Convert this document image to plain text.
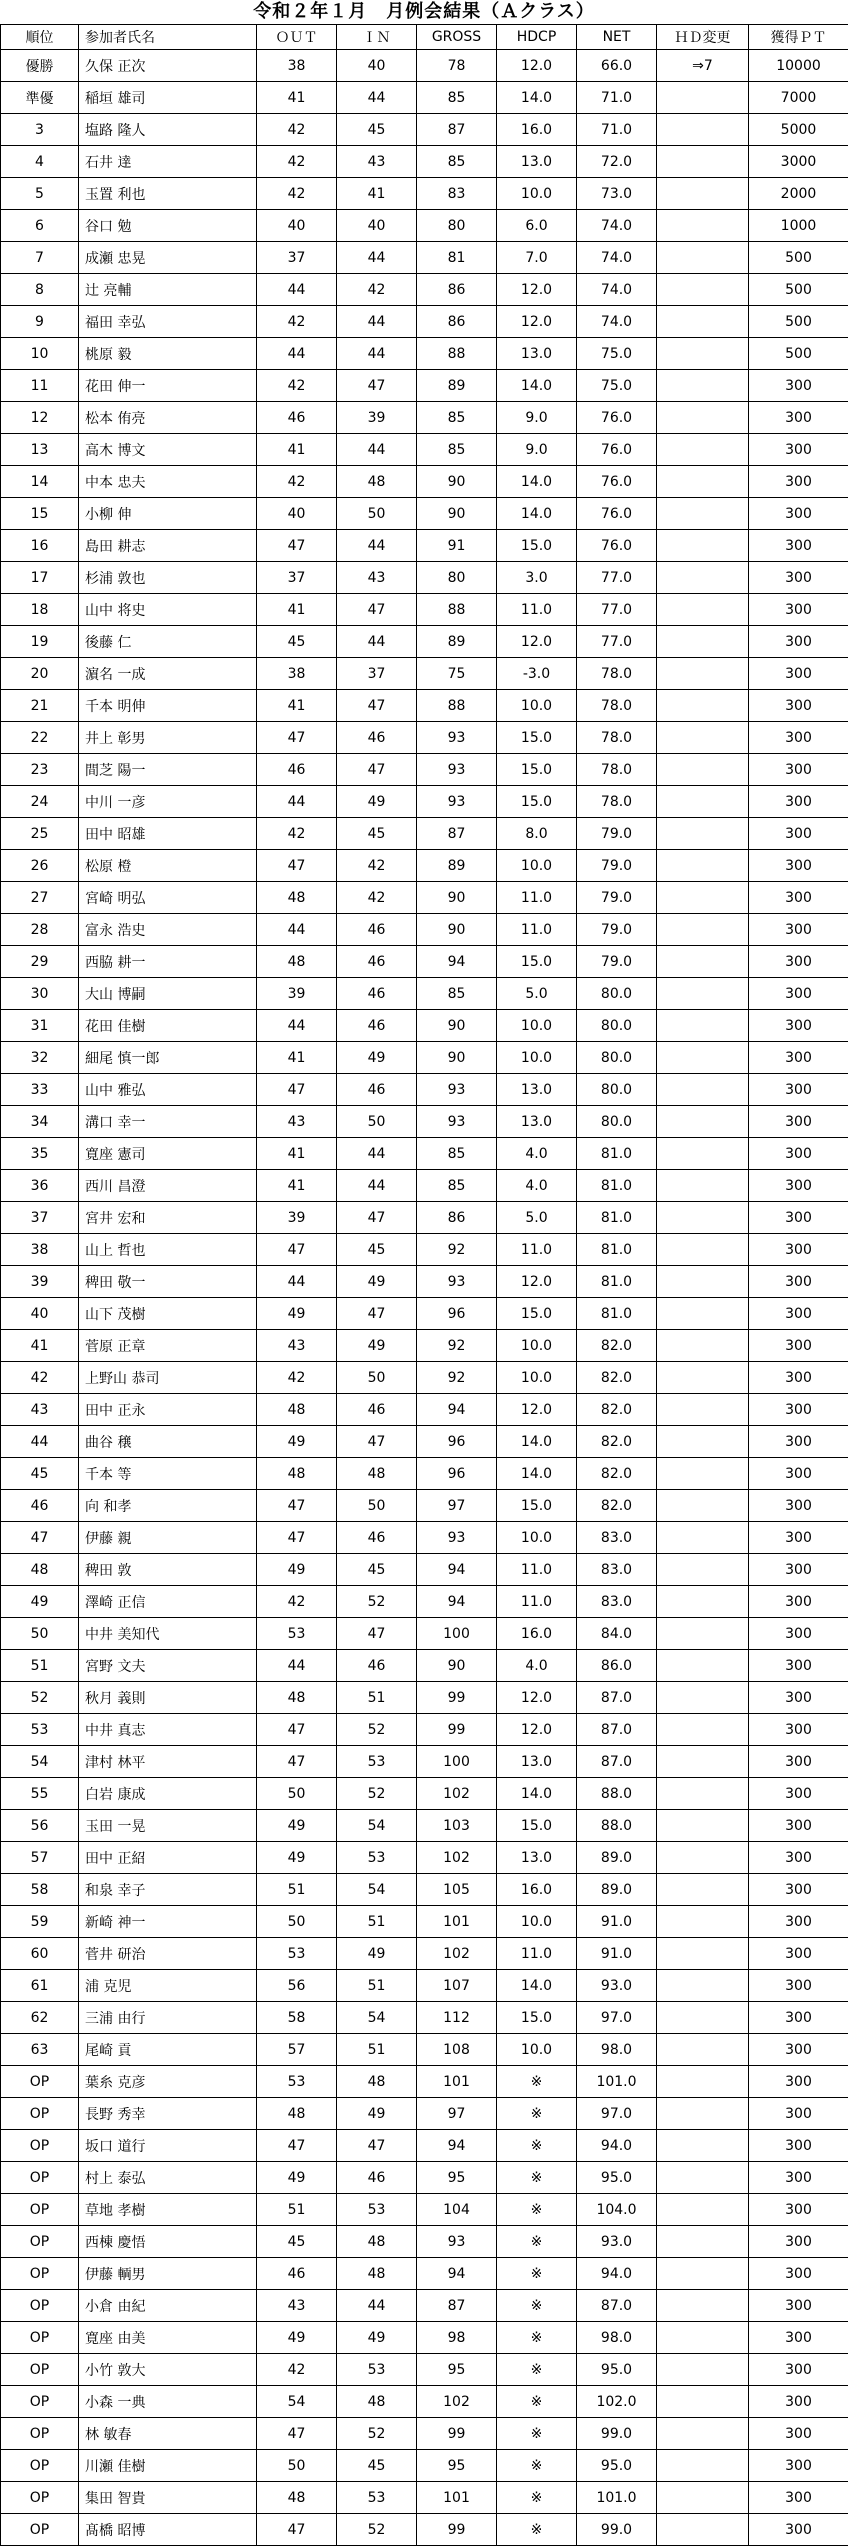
令和２年１月　月例会結果（Ａクラス）
順位	参加者氏名	ＯＵＴ	ＩＮ	GROSS	HDCP	NET	ＨＤ変更	獲得ＰＴ
優勝	久保 正次	38	40	78	12.0	66.0	⇒7	10000
準優	稲垣 雄司	41	44	85	14.0	71.0		7000
3	塩路 隆人	42	45	87	16.0	71.0		5000
4	石井 達	42	43	85	13.0	72.0		3000
5	玉置 利也	42	41	83	10.0	73.0		2000
6	谷口 勉	40	40	80	6.0	74.0		1000
7	成瀬 忠晃	37	44	81	7.0	74.0		500
8	辻 亮輔	44	42	86	12.0	74.0		500
9	福田 幸弘	42	44	86	12.0	74.0		500
10	桃原 毅	44	44	88	13.0	75.0		500
11	花田 伸一	42	47	89	14.0	75.0		300
12	松本 侑亮	46	39	85	9.0	76.0		300
13	高木 博文	41	44	85	9.0	76.0		300
14	中本 忠夫	42	48	90	14.0	76.0		300
15	小柳 伸	40	50	90	14.0	76.0		300
16	島田 耕志	47	44	91	15.0	76.0		300
17	杉浦 敦也	37	43	80	3.0	77.0		300
18	山中 将史	41	47	88	11.0	77.0		300
19	後藤 仁	45	44	89	12.0	77.0		300
20	濵名 一成	38	37	75	-3.0	78.0		300
21	千本 明伸	41	47	88	10.0	78.0		300
22	井上 彰男	47	46	93	15.0	78.0		300
23	間芝 陽一	46	47	93	15.0	78.0		300
24	中川 一彦	44	49	93	15.0	78.0		300
25	田中 昭雄	42	45	87	8.0	79.0		300
26	松原 橙	47	42	89	10.0	79.0		300
27	宮崎 明弘	48	42	90	11.0	79.0		300
28	富永 浩史	44	46	90	11.0	79.0		300
29	西脇 耕一	48	46	94	15.0	79.0		300
30	大山 博嗣	39	46	85	5.0	80.0		300
31	花田 佳樹	44	46	90	10.0	80.0		300
32	細尾 慎一郎	41	49	90	10.0	80.0		300
33	山中 雅弘	47	46	93	13.0	80.0		300
34	溝口 幸一	43	50	93	13.0	80.0		300
35	寛座 憲司	41	44	85	4.0	81.0		300
36	西川 昌澄	41	44	85	4.0	81.0		300
37	宮井 宏和	39	47	86	5.0	81.0		300
38	山上 哲也	47	45	92	11.0	81.0		300
39	稗田 敬一	44	49	93	12.0	81.0		300
40	山下 茂樹	49	47	96	15.0	81.0		300
41	菅原 正章	43	49	92	10.0	82.0		300
42	上野山 恭司	42	50	92	10.0	82.0		300
43	田中 正永	48	46	94	12.0	82.0		300
44	曲谷 穣	49	47	96	14.0	82.0		300
45	千本 等	48	48	96	14.0	82.0		300
46	向 和孝	47	50	97	15.0	82.0		300
47	伊藤 親	47	46	93	10.0	83.0		300
48	稗田 敦	49	45	94	11.0	83.0		300
49	澤崎 正信	42	52	94	11.0	83.0		300
50	中井 美知代	53	47	100	16.0	84.0		300
51	宮野 文夫	44	46	90	4.0	86.0		300
52	秋月 義則	48	51	99	12.0	87.0		300
53	中井 真志	47	52	99	12.0	87.0		300
54	津村 林平	47	53	100	13.0	87.0		300
55	白岩 康成	50	52	102	14.0	88.0		300
56	玉田 一晃	49	54	103	15.0	88.0		300
57	田中 正紹	49	53	102	13.0	89.0		300
58	和泉 幸子	51	54	105	16.0	89.0		300
59	新崎 神一	50	51	101	10.0	91.0		300
60	菅井 研治	53	49	102	11.0	91.0		300
61	浦 克児	56	51	107	14.0	93.0		300
62	三浦 由行	58	54	112	15.0	97.0		300
63	尾崎 貢	57	51	108	10.0	98.0		300
OP	葉糸 克彦	53	48	101	※	101.0		300
OP	長野 秀幸	48	49	97	※	97.0		300
OP	坂口 道行	47	47	94	※	94.0		300
OP	村上 泰弘	49	46	95	※	95.0		300
OP	草地 孝樹	51	53	104	※	104.0		300
OP	西棟 慶悟	45	48	93	※	93.0		300
OP	伊藤 輌男	46	48	94	※	94.0		300
OP	小倉 由紀	43	44	87	※	87.0		300
OP	寛座 由美	49	49	98	※	98.0		300
OP	小竹 敦大	42	53	95	※	95.0		300
OP	小森 一典	54	48	102	※	102.0		300
OP	林 敏春	47	52	99	※	99.0		300
OP	川瀬 佳樹	50	45	95	※	95.0		300
OP	集田 智貴	48	53	101	※	101.0		300
OP	髙橋 昭博	47	52	99	※	99.0		300
